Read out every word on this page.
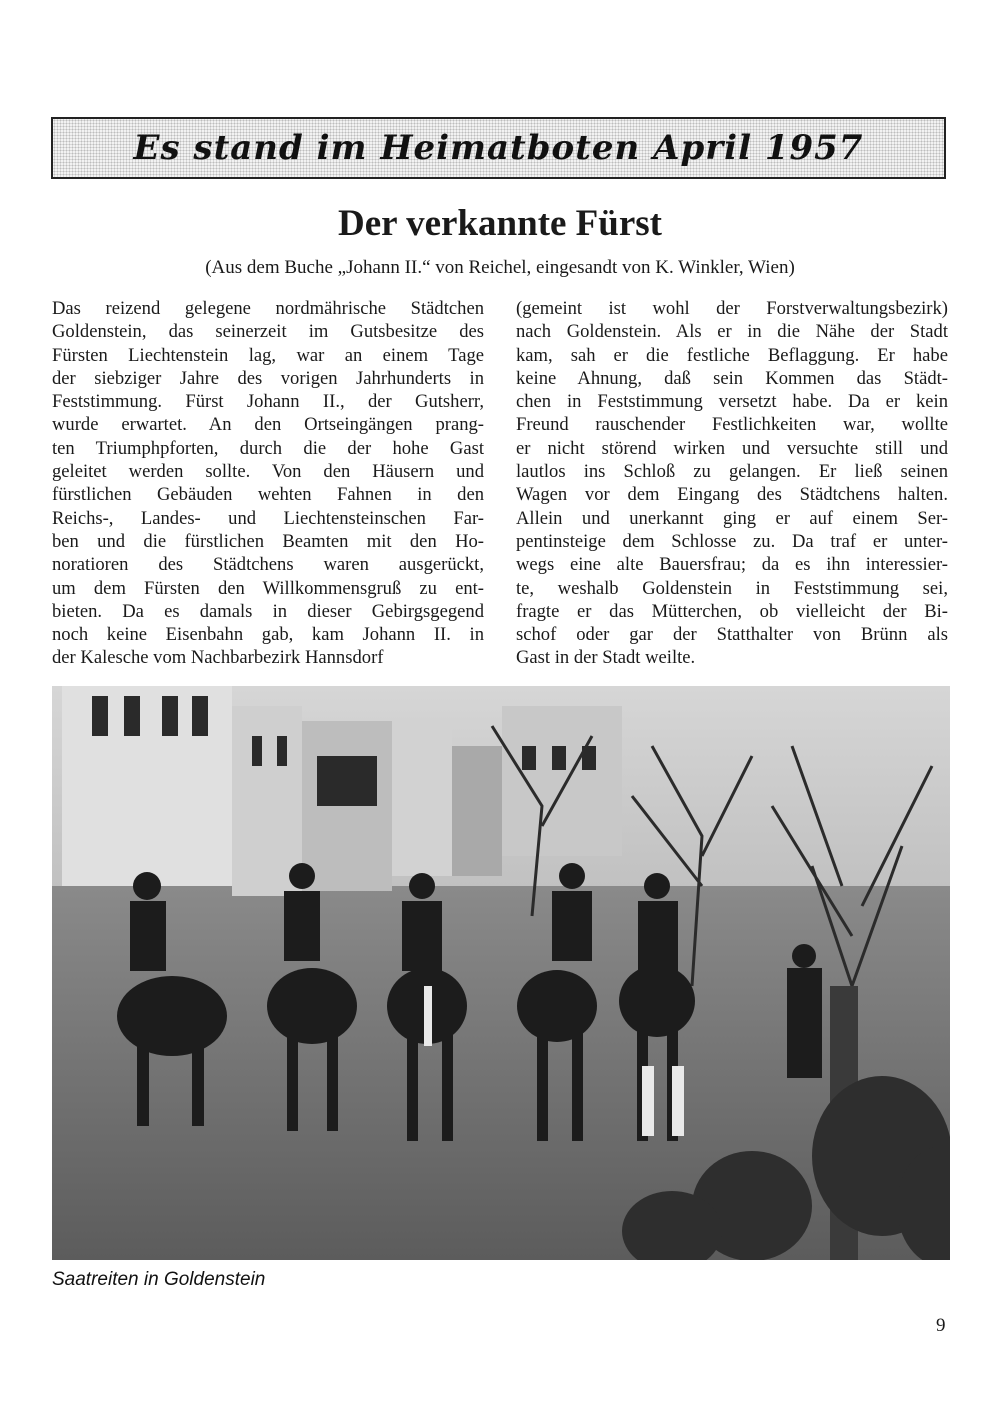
Es stand im Heimatboten April 1957
Der verkannte Fürst
(Aus dem Buche „Johann II.“ von Reichel, eingesandt von K. Winkler, Wien)
Das reizend gelegene nordmährische Städtchen
Goldenstein, das seinerzeit im Gutsbesitze des
Fürsten Liechtenstein lag, war an einem Tage
der siebziger Jahre des vorigen Jahrhunderts in
Feststimmung. Fürst Johann II., der Gutsherr,
wurde erwartet. An den Ortseingängen prang-
ten Triumphpforten, durch die der hohe Gast
geleitet werden sollte. Von den Häusern und
fürstlichen Gebäuden wehten Fahnen in den
Reichs-, Landes- und Liechtensteinschen Far-
ben und die fürstlichen Beamten mit den Ho-
noratioren des Städtchens waren ausgerückt,
um dem Fürsten den Willkommensgruß zu ent-
bieten. Da es damals in dieser Gebirgsgegend
noch keine Eisenbahn gab, kam Johann II. in
der Kalesche vom Nachbarbezirk Hannsdorf
(gemeint ist wohl der Forstverwaltungsbezirk)
nach Goldenstein. Als er in die Nähe der Stadt
kam, sah er die festliche Beflaggung. Er habe
keine Ahnung, daß sein Kommen das Städt-
chen in Feststimmung versetzt habe. Da er kein
Freund rauschender Festlichkeiten war, wollte
er nicht störend wirken und versuchte still und
lautlos ins Schloß zu gelangen. Er ließ seinen
Wagen vor dem Eingang des Städtchens halten.
Allein und unerkannt ging er auf einem Ser-
pentinsteige dem Schlosse zu. Da traf er unter-
wegs eine alte Bauersfrau; da es ihn interessier-
te, weshalb Goldenstein in Feststimmung sei,
fragte er das Mütterchen, ob vielleicht der Bi-
schof oder gar der Statthalter von Brünn als
Gast in der Stadt weilte.
Saatreiten in Goldenstein
9
